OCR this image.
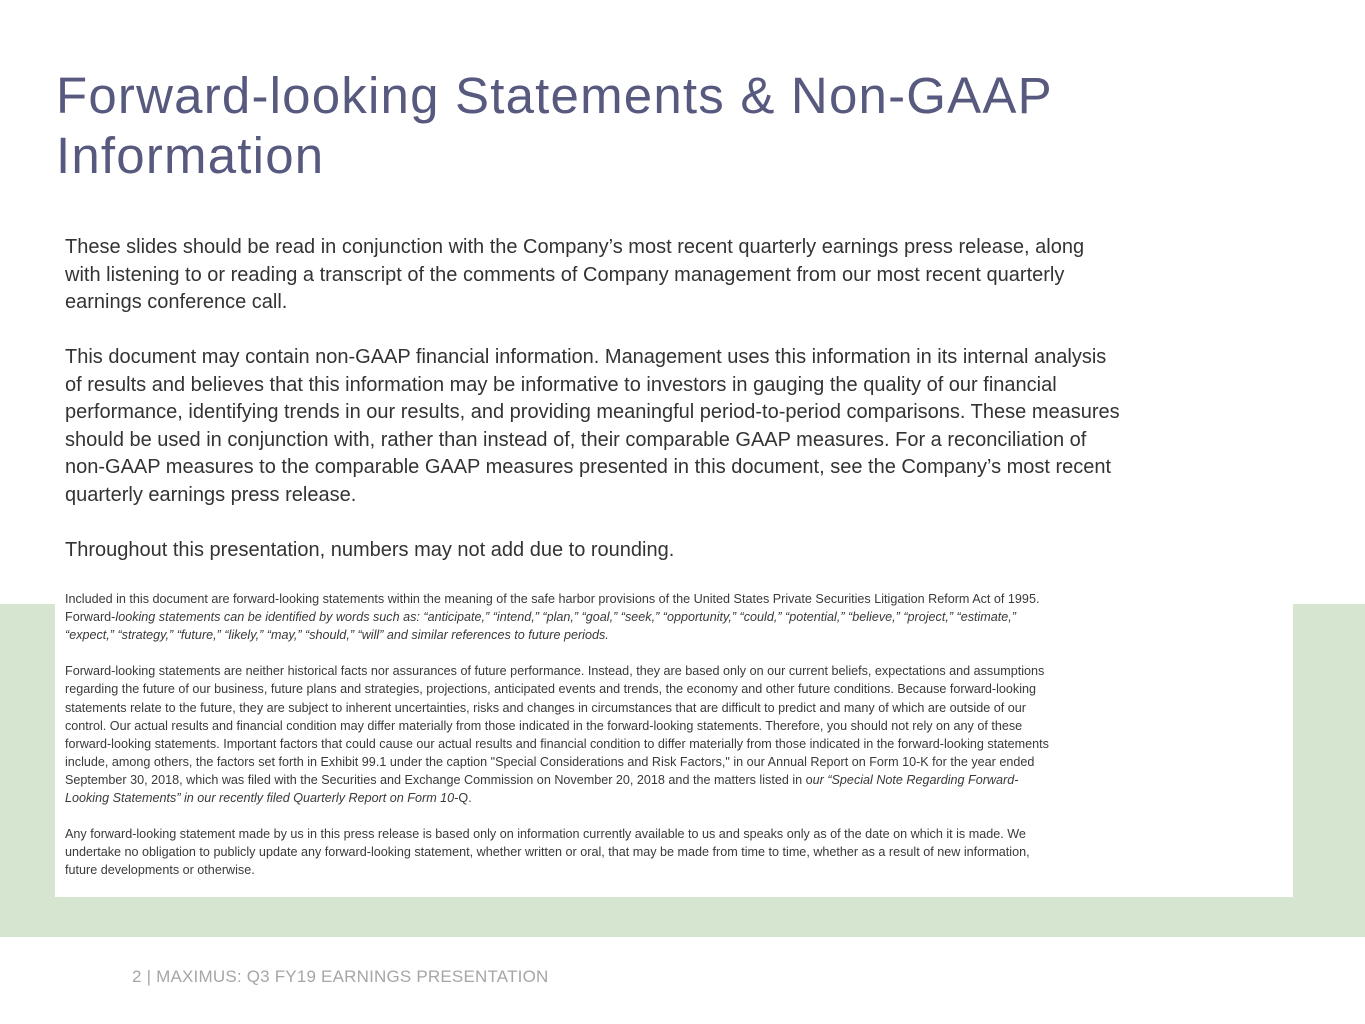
Forward-looking Statements & Non-GAAP
Information

These slides should be read in conjunction with the Company’s most recent quarterly earnings press release, along
with listening to or reading a transcript of the comments of Company management from our most recent quarterly
earnings conference call.

This document may contain non-GAAP financial information. Management uses this information in its internal analysis
of results and believes that this information may be informative to investors in gauging the quality of our financial
performance, identifying trends in our results, and providing meaningful period-to-period comparisons. These measures
should be used in conjunction with, rather than instead of, their comparable GAAP measures. For a reconciliation of
non-GAAP measures to the comparable GAAP measures presented in this document, see the Company’s most recent
quarterly earnings press release.

Throughout this presentation, numbers may not add due to rounding.

Included in this document are forward-looking statements within the meaning of the safe harbor provisions of the United States Private Securities Litigation Reform Act of 1995.
Forward-looking statements can be identified by words such as: “anticipate,” “intend,” “plan,” “goal,” “seek,” “opportunity,” “could,” “potential,” “believe,” “project,” “estimate,”
“expect,” “strategy,” “future,” “likely,” “may,” “should,” “will” and similar references to future periods.

Forward-looking statements are neither historical facts nor assurances of future performance. Instead, they are based only on our current beliefs, expectations and assumptions
regarding the future of our business, future plans and strategies, projections, anticipated events and trends, the economy and other future conditions. Because forward-looking
statements relate to the future, they are subject to inherent uncertainties, risks and changes in circumstances that are difficult to predict and many of which are outside of our
control. Our actual results and financial condition may differ materially from those indicated in the forward-looking statements. Therefore, you should not rely on any of these
forward-looking statements. Important factors that could cause our actual results and financial condition to differ materially from those indicated in the forward-looking statements
include, among others, the factors set forth in Exhibit 99.1 under the caption "Special Considerations and Risk Factors," in our Annual Report on Form 10-K for the year ended
September 30, 2018, which was filed with the Securities and Exchange Commission on November 20, 2018 and the matters listed in our “Special Note Regarding Forward-
Looking Statements” in our recently filed Quarterly Report on Form 10-Q.

Any forward-looking statement made by us in this press release is based only on information currently available to us and speaks only as of the date on which it is made. We
undertake no obligation to publicly update any forward-looking statement, whether written or oral, that may be made from time to time, whether as a result of new information,
future developments or otherwise.

2 | MAXIMUS: Q3 FY19 EARNINGS PRESENTATION
